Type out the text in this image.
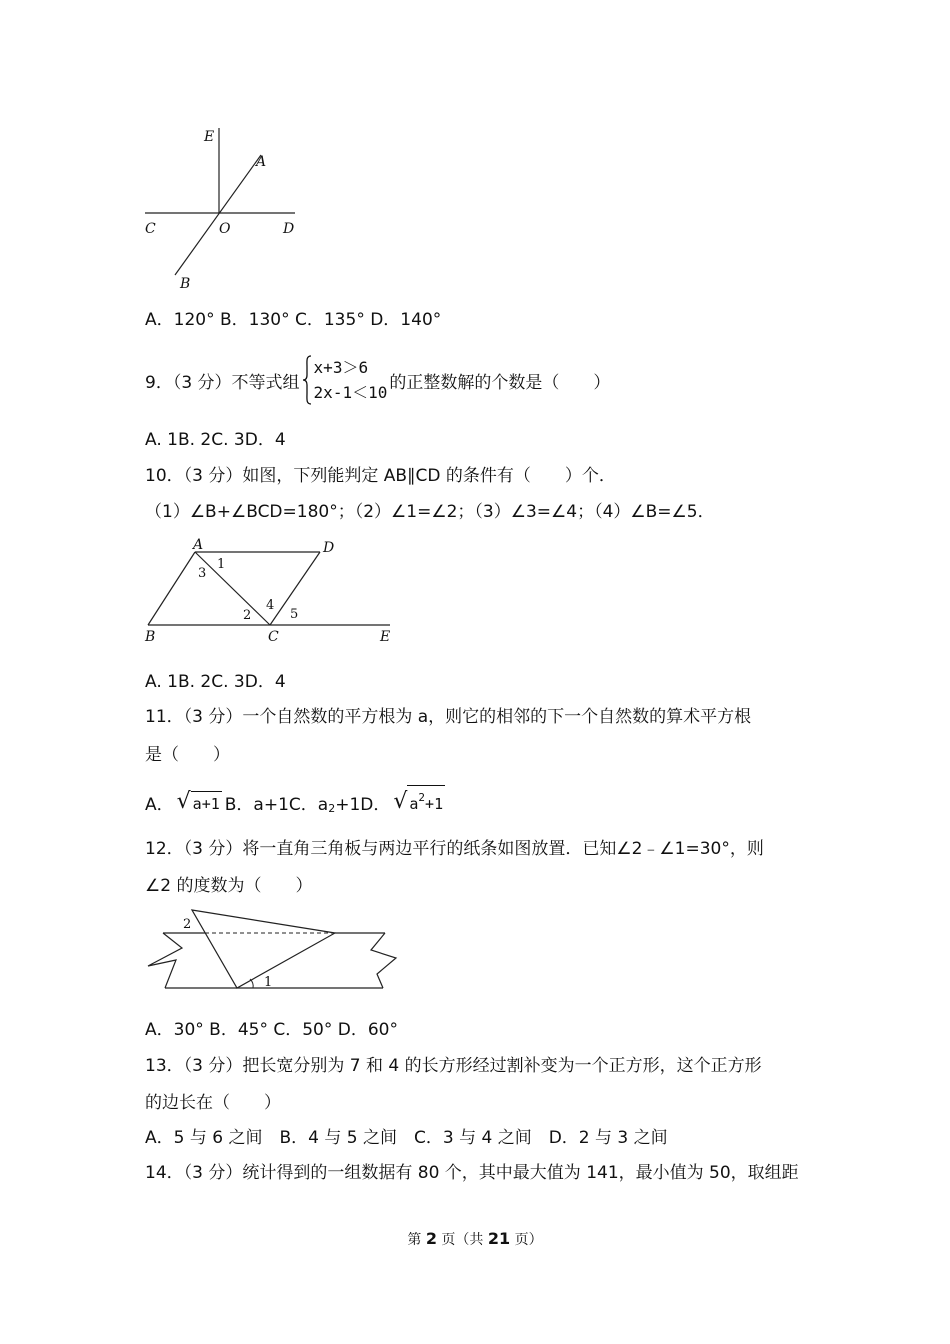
E
A
C	O	D
B
A．120° B．130° C．135° D．140°
9．（3 分）不等式组
x+3＞6
2x-1＜10 的正整数解的个数是（　　）
A. 1B. 2C. 3D．4
10．（3 分）如图，下列能判定 AB∥CD 的条件有（　　）个．
（1）∠B+∠BCD=180°；（2）∠1=∠2；（3）∠3=∠4；（4）∠B=∠5．
A	D
B	C	E
3
1
2
4
5
A. 1B. 2C. 3D．4
11．（3 分）一个自然数的平方根为 a，则它的相邻的下一个自然数的算术平方根
是（　　）
A． √ a+1 B．a+1 C． a 2 +1 D． √ $a^2+1$
12．（3 分）将一直角三角板与两边平行的纸条如图放置．已知∠2﹣∠1=30°，则
∠2 的度数为（　　）
2
1
A．30° B．45° C．50° D．60°
13．（3 分）把长宽分别为 7 和 4 的长方形经过割补变为一个正方形，这个正方形
的边长在（　　）
A．5 与 6 之间　B．4 与 5 之间　C．3 与 4 之间　D．2 与 3 之间
14．（3 分）统计得到的一组数据有 80 个，其中最大值为 141，最小值为 50，取组距
第 2 页（共 21 页）
